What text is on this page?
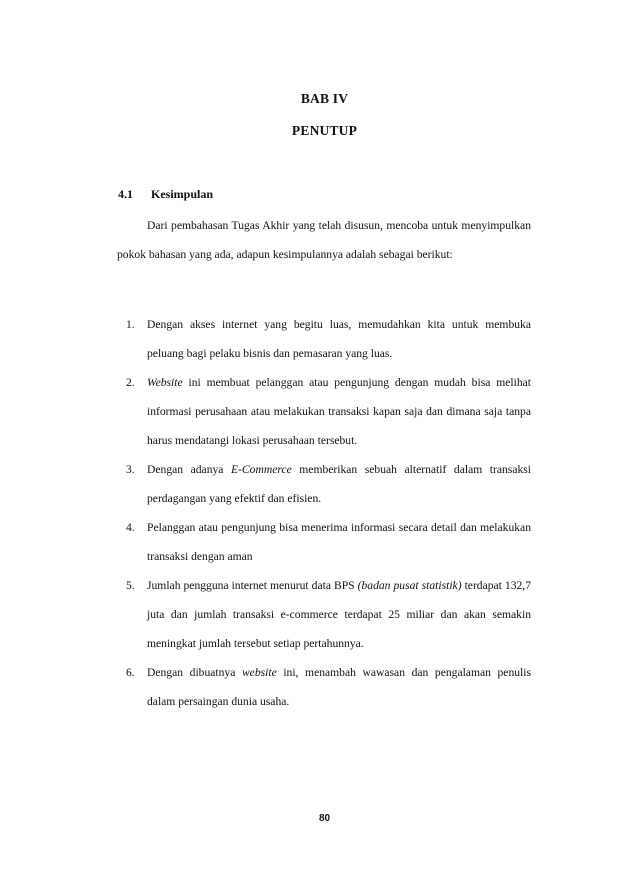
BAB IV
PENUTUP
4.1 Kesimpulan
Dari pembahasan Tugas Akhir yang telah disusun, mencoba untuk menyimpulkan pokok bahasan yang ada, adapun kesimpulannya adalah sebagai berikut:
1. Dengan akses internet yang begitu luas, memudahkan kita untuk membuka peluang bagi pelaku bisnis dan pemasaran yang luas.
2. Website ini membuat pelanggan atau pengunjung dengan mudah bisa melihat informasi perusahaan atau melakukan transaksi kapan saja dan dimana saja tanpa harus mendatangi lokasi perusahaan tersebut.
3. Dengan adanya E-Commerce memberikan sebuah alternatif dalam transaksi perdagangan yang efektif dan efisien.
4. Pelanggan atau pengunjung bisa menerima informasi secara detail dan melakukan transaksi dengan aman
5. Jumlah pengguna internet menurut data BPS (badan pusat statistik) terdapat 132,7 juta dan jumlah transaksi e-commerce terdapat 25 miliar dan akan semakin meningkat jumlah tersebut setiap pertahunnya.
6. Dengan dibuatnya website ini, menambah wawasan dan pengalaman penulis dalam persaingan dunia usaha.
80
